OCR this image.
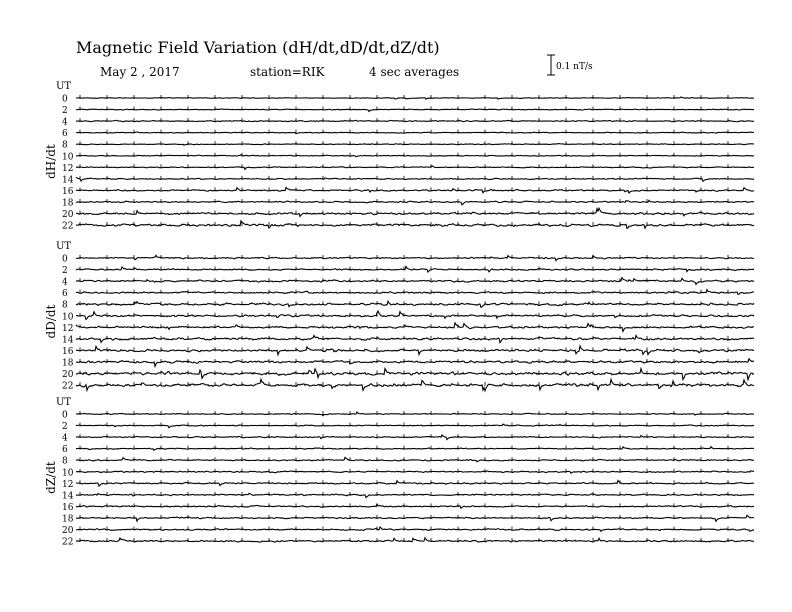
Magnetic Field Variation (dH/dt,dD/dt,dZ/dt)
May 2 , 2017	station=RIK	4 sec averages	0.1 nT/s
UT
dH/dt
0
2
4
6
8
10
12
14
16
18
20
22
UT
dD/dt
0
2
4
6
8
10
12
14
16
18
20
22
UT
dZ/dt
0
2
4
6
8
10
12
14
16
18
20
22
